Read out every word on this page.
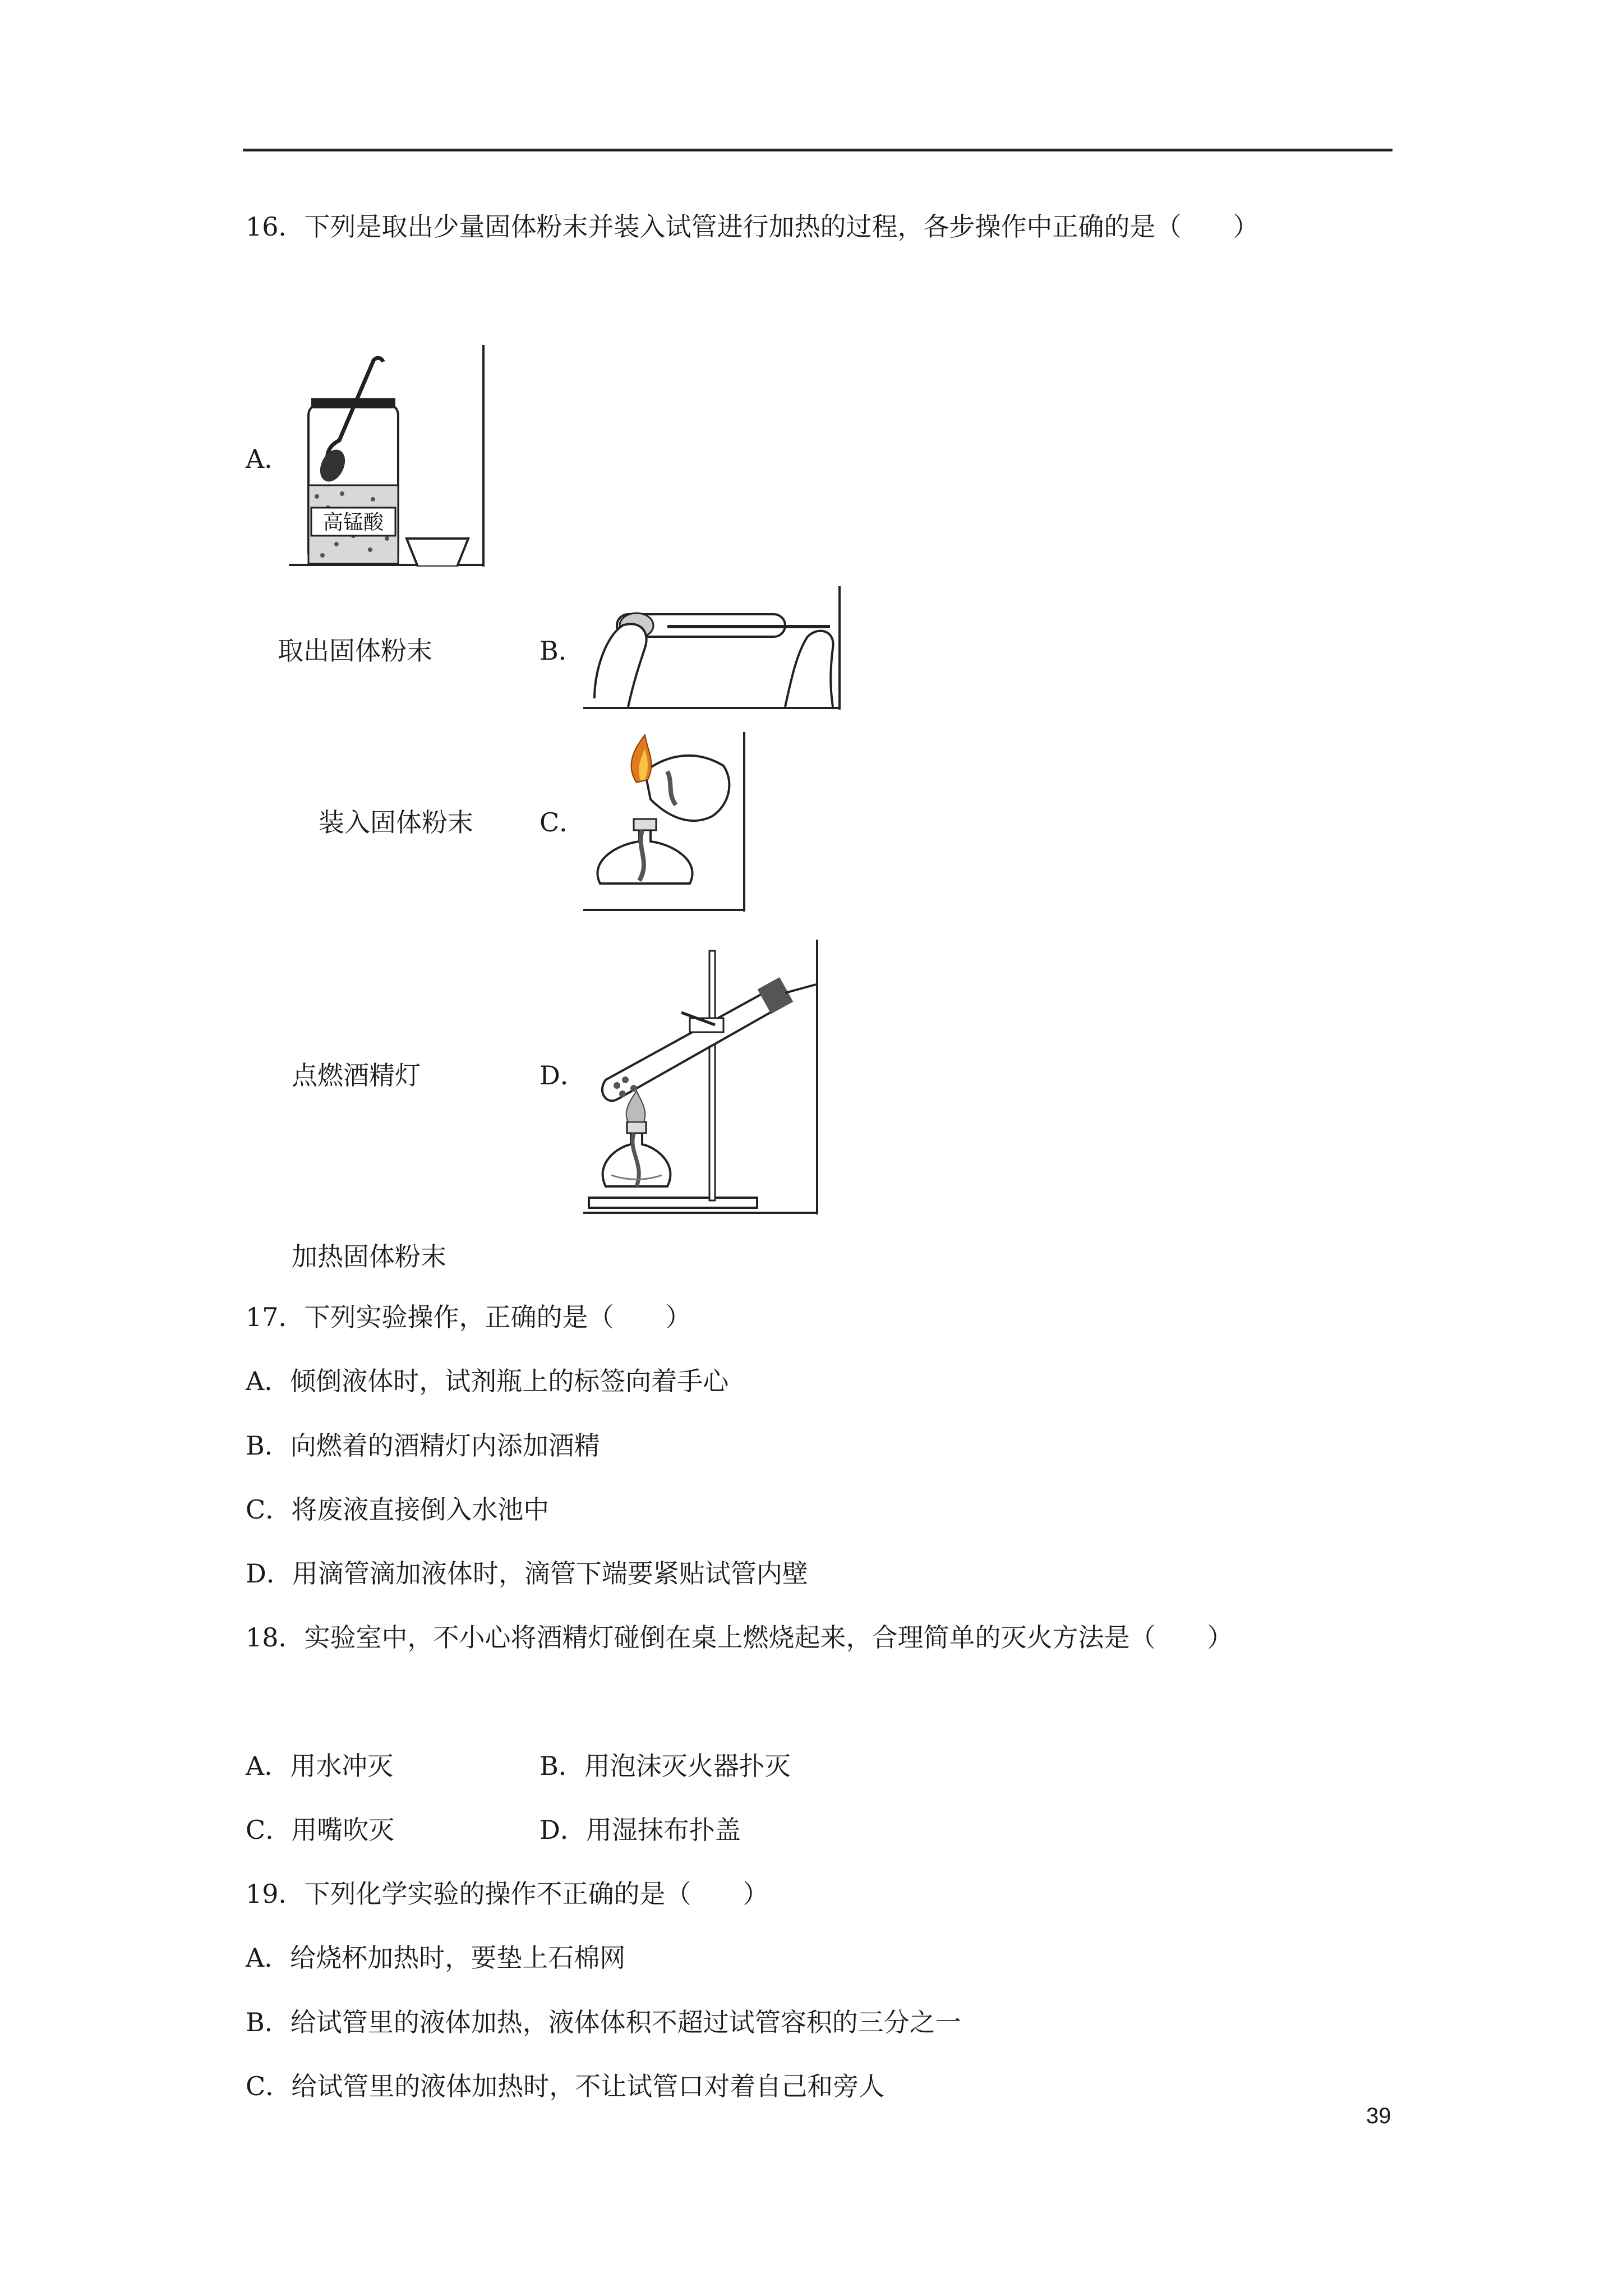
16．下列是取出少量固体粉末并装入试管进行加热的过程，各步操作中正确的是（　　）
A．
高锰酸
取出固体粉末	B．
装入固体粉末	C．
点燃酒精灯	D．
加热固体粉末
17．下列实验操作，正确的是（　　）
A．倾倒液体时，试剂瓶上的标签向着手心
B．向燃着的酒精灯内添加酒精
C．将废液直接倒入水池中
D．用滴管滴加液体时，滴管下端要紧贴试管内壁
18．实验室中，不小心将酒精灯碰倒在桌上燃烧起来，合理简单的灭火方法是（　　）
A．用水冲灭	B．用泡沫灭火器扑灭
C．用嘴吹灭	D．用湿抹布扑盖
19．下列化学实验的操作不正确的是（　　）
A．给烧杯加热时，要垫上石棉网
B．给试管里的液体加热，液体体积不超过试管容积的三分之一
C．给试管里的液体加热时，不让试管口对着自己和旁人
39
